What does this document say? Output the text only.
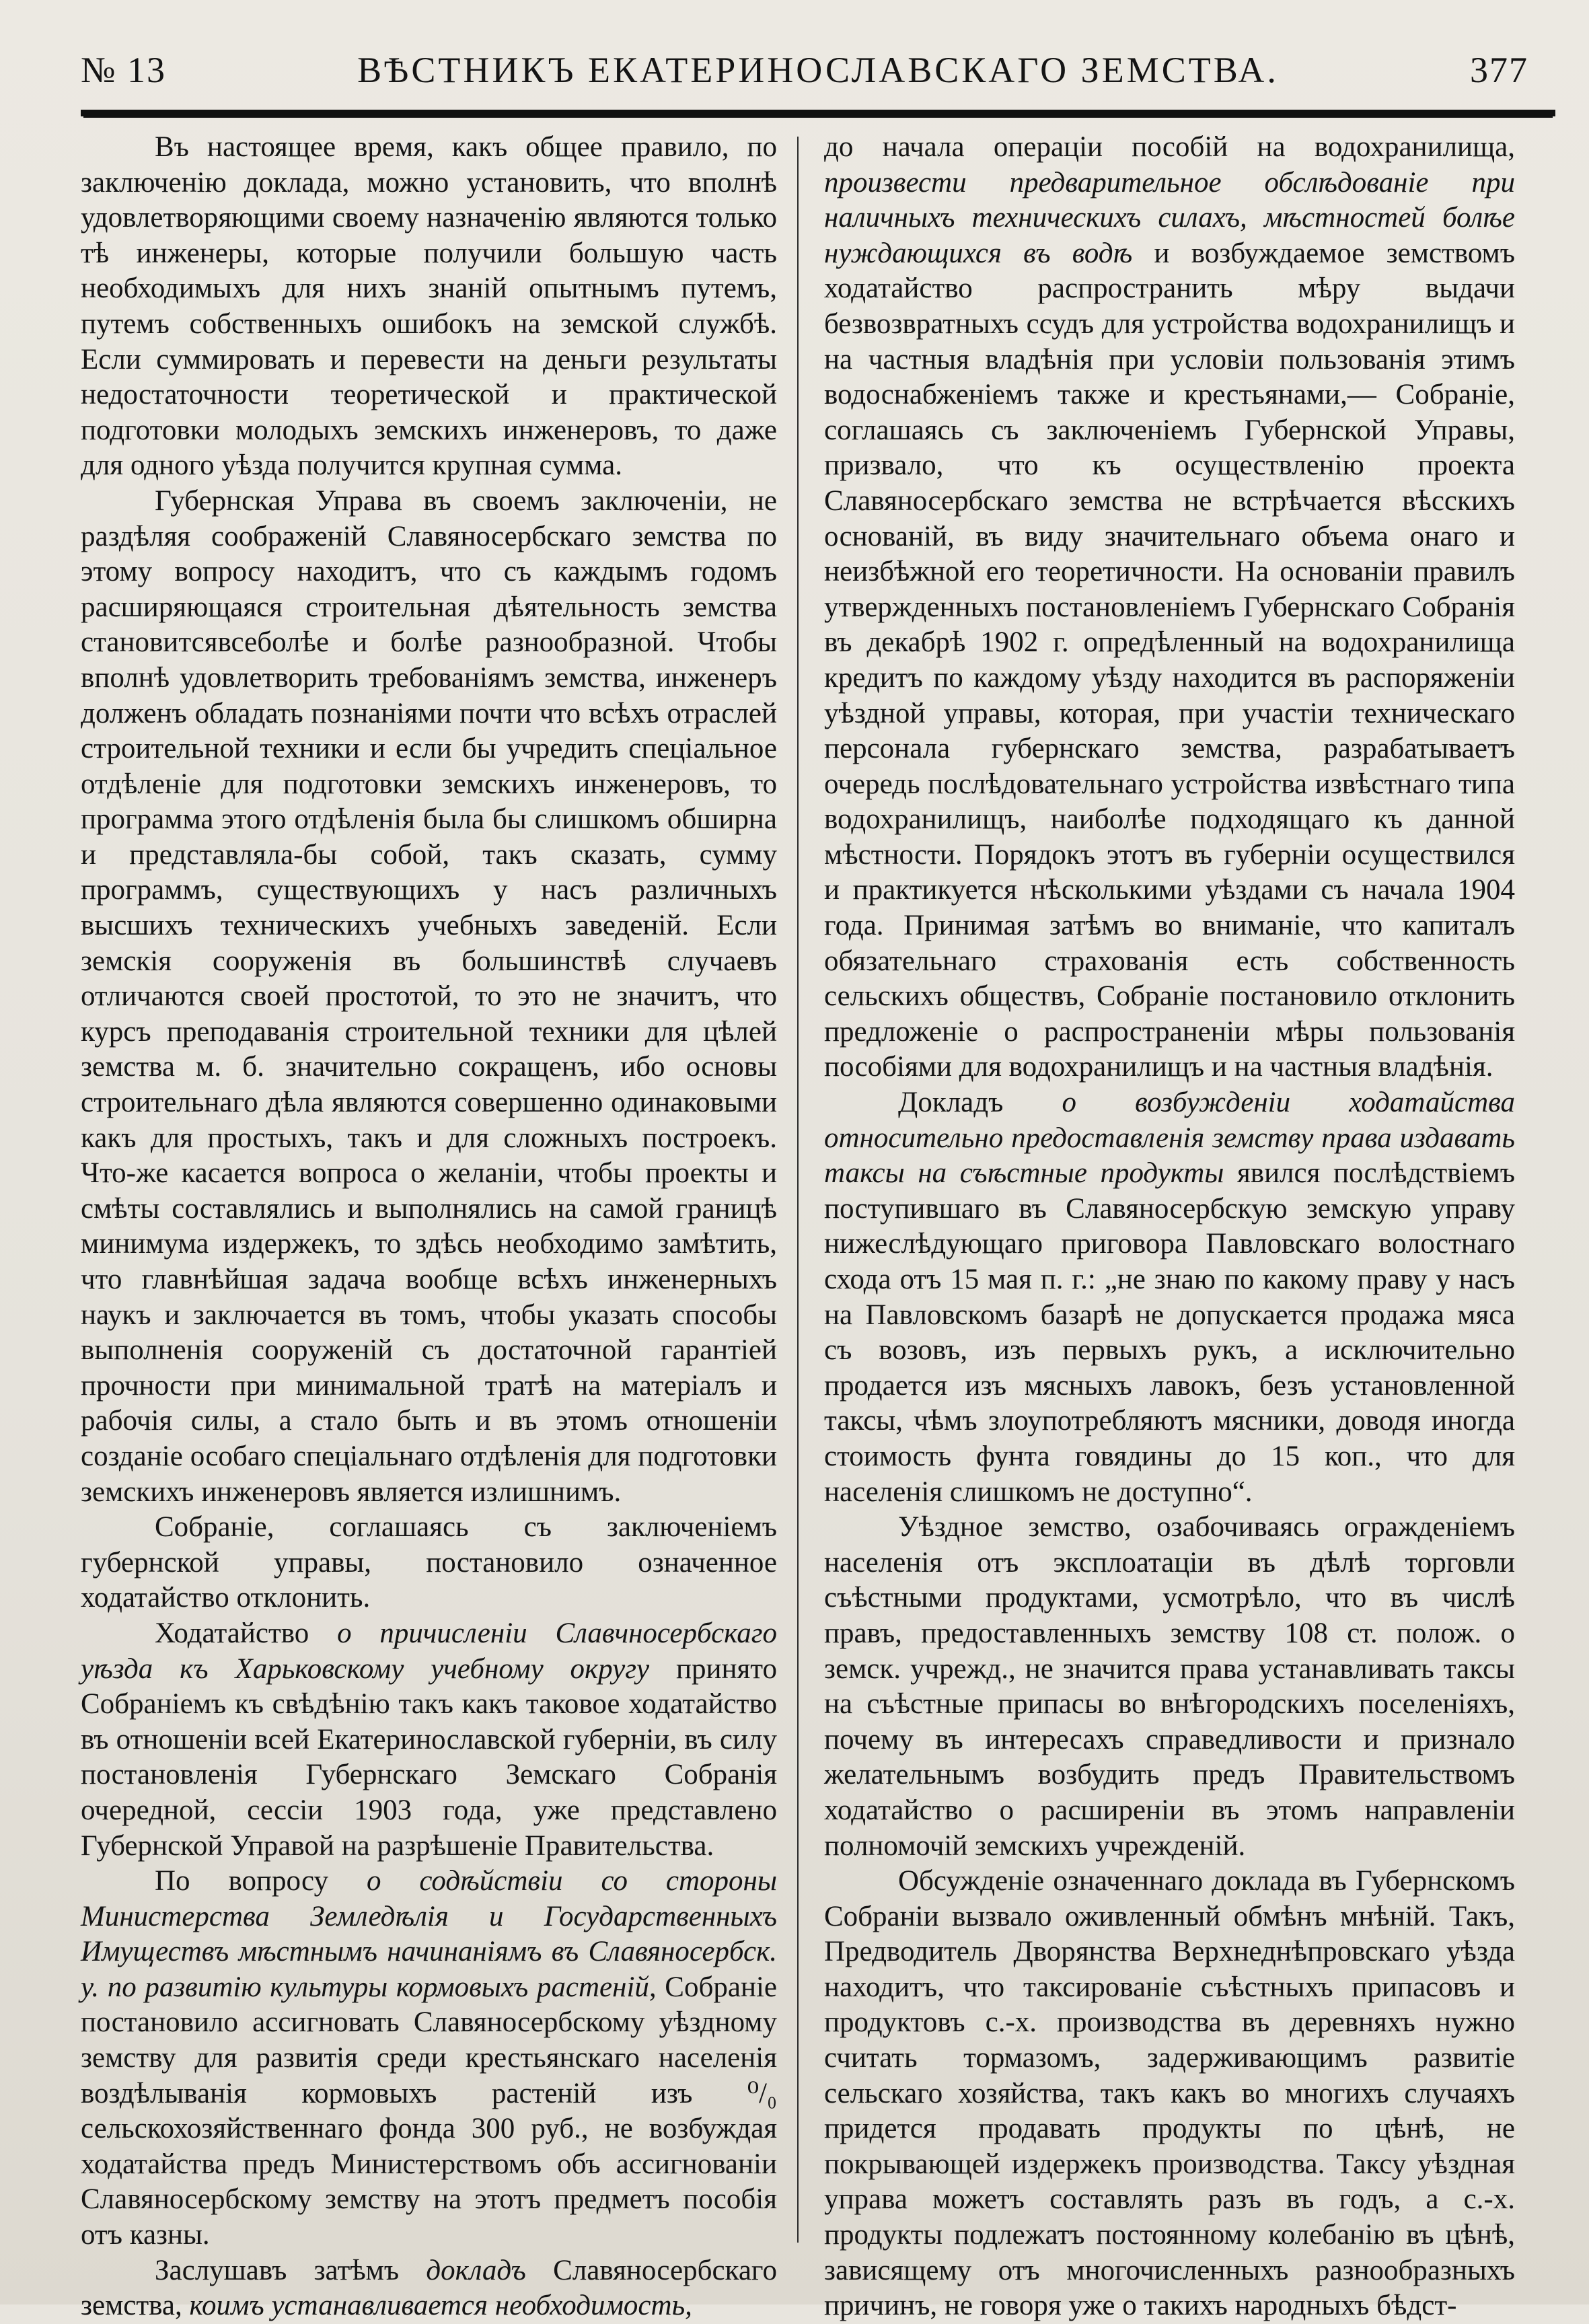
№ 13	ВѢСТНИКЪ ЕКАТЕРИНОСЛАВСКАГО ЗЕМСТВА.	377

Въ настоящее время, какъ общее правило, по заключенію доклада, можно установить, что вполнѣ удовлетворяющими своему назначенію являются только тѣ инженеры, которые получили большую часть необходимыхъ для нихъ знаній опытнымъ путемъ, путемъ собственныхъ ошибокъ на земской службѣ. Если суммировать и перевести на деньги результаты недостаточности теоретической и практической подготовки молодыхъ земскихъ инженеровъ, то даже для одного уѣзда получится крупная сумма.

Губернская Управа въ своемъ заключеніи, не раздѣляя соображеній Славяносербскаго земства по этому вопросу находитъ, что съ каждымъ годомъ расширяющаяся строительная дѣятельность земства становитсявсеболѣе и болѣе разнообразной. Чтобы вполнѣ удовлетворить требованіямъ земства, инженеръ долженъ обладать познаніями почти что всѣхъ отраслей строительной техники и если бы учредить спеціальное отдѣленіе для подготовки земскихъ инженеровъ, то программа этого отдѣленія была бы слишкомъ обширна и представляла-бы собой, такъ сказать, сумму программъ, существующихъ у насъ различныхъ высшихъ техническихъ учебныхъ заведеній. Если земскія сооруженія въ большинствѣ случаевъ отличаются своей простотой, то это не значитъ, что курсъ преподаванія строительной техники для цѣлей земства м. б. значительно сокращенъ, ибо основы строительнаго дѣла являются совершенно одинаковыми какъ для простыхъ, такъ и для сложныхъ построекъ. Что-же касается вопроса о желаніи, чтобы проекты и смѣты составлялись и выполнялись на самой границѣ минимума издержекъ, то здѣсь необходимо замѣтить, что главнѣйшая задача вообще всѣхъ инженерныхъ наукъ и заключается въ томъ, чтобы указать способы выполненія сооруженій съ достаточной гарантіей прочности при минимальной тратѣ на матеріалъ и рабочія силы, а стало быть и въ этомъ отношеніи созданіе особаго спеціальнаго отдѣленія для подготовки земскихъ инженеровъ является излишнимъ.

Собраніе, соглашаясь съ заключеніемъ губернской управы, постановило означенное ходатайство отклонить.

Ходатайство о причисленіи Славчносербскаго уѣзда къ Харьковскому учебному округу принято Собраніемъ къ свѣдѣнію такъ какъ таковое ходатайство въ отношеніи всей Екатеринославской губерніи, въ силу постановленія Губернскаго Земскаго Собранія очередной, сессіи 1903 года, уже представлено Губернской Управой на разрѣшеніе Правительства.

По вопросу о содѣйствіи со стороны Министерства Земледѣлія и Государственныхъ Имуществъ мѣстнымъ начинаніямъ въ Славяносербск. у. по развитію культуры кормовыхъ растеній, Собраніе постановило ассигновать Славяносербскому уѣздному земству для развитія среди крестьянскаго населенія воздѣлыванія кормовыхъ растеній изъ ⁰/₀ сельскохозяйственнаго фонда 300 руб., не возбуждая ходатайства предъ Министерствомъ объ ассигнованіи Славяносербскому земству на этотъ предметъ пособія отъ казны.

Заслушавъ затѣмъ докладъ Славяносербскаго земства, коимъ устанавливается необходимость,

до начала операціи пособій на водохранилища, произвести предварительное обслѣдованіе при наличныхъ техническихъ силахъ, мѣстностей болѣе нуждающихся въ водѣ и возбуждаемое земствомъ ходатайство распространить мѣру выдачи безвозвратныхъ ссудъ для устройства водохранилищъ и на частныя владѣнія при условіи пользованія этимъ водоснабженіемъ также и крестьянами,— Собраніе, соглашаясь съ заключеніемъ Губернской Управы, призвало, что къ осуществленію проекта Славяносербскаго земства не встрѣчается вѣсскихъ основаній, въ виду значительнаго объема онаго и неизбѣжной его теоретичности. На основаніи правилъ утвержденныхъ постановленіемъ Губернскаго Собранія въ декабрѣ 1902 г. опредѣленный на водохранилища кредитъ по каждому уѣзду находится въ распоряженіи уѣздной управы, которая, при участіи техническаго персонала губернскаго земства, разрабатываетъ очередь послѣдовательнаго устройства извѣстнаго типа водохранилищъ, наиболѣе подходящаго къ данной мѣстности. Порядокъ этотъ въ губерніи осуществился и практикуется нѣсколькими уѣздами съ начала 1904 года. Принимая затѣмъ во вниманіе, что капиталъ обязательнаго страхованія есть собственность сельскихъ обществъ, Собраніе постановило отклонить предложеніе о распространеніи мѣры пользованія пособіями для водохранилищъ и на частныя владѣнія.

Докладъ о возбужденіи ходатайства относительно предоставленія земству права издавать таксы на съѣстные продукты явился послѣдствіемъ поступившаго въ Славяносербскую земскую управу нижеслѣдующаго приговора Павловскаго волостнаго схода отъ 15 мая п. г.: „не знаю по какому праву у насъ на Павловскомъ базарѣ не допускается продажа мяса съ возовъ, изъ первыхъ рукъ, а исключительно продается изъ мясныхъ лавокъ, безъ установленной таксы, чѣмъ злоупотребляютъ мясники, доводя иногда стоимость фунта говядины до 15 коп., что для населенія слишкомъ не доступно“.

Уѣздное земство, озабочиваясь огражденіемъ населенія отъ эксплоатаціи въ дѣлѣ торговли съѣстными продуктами, усмотрѣло, что въ числѣ правъ, предоставленныхъ земству 108 ст. полож. о земск. учрежд., не значится права устанавливать таксы на съѣстные припасы во внѣгородскихъ поселеніяхъ, почему въ интересахъ справедливости и признало желательнымъ возбудить предъ Правительствомъ ходатайство о расширеніи въ этомъ направленіи полномочій земскихъ учрежденій.

Обсужденіе означеннаго доклада въ Губернскомъ Собраніи вызвало оживленный обмѣнъ мнѣній. Такъ, Предводитель Дворянства Верхнеднѣпровскаго уѣзда находитъ, что таксированіе съѣстныхъ припасовъ и продуктовъ с.-х. производства въ деревняхъ нужно считать тормазомъ, задерживающимъ развитіе сельскаго хозяйства, такъ какъ во многихъ случаяхъ придется продавать продукты по цѣнѣ, не покрывающей издержекъ производства. Таксу уѣздная управа можетъ составлять разъ въ годъ, а с.-х. продукты подлежатъ постоянному колебанію въ цѣнѣ, зависящему отъ многочисленныхъ разнообразныхъ причинъ, не говоря уже о такихъ народныхъ бѣдст-
